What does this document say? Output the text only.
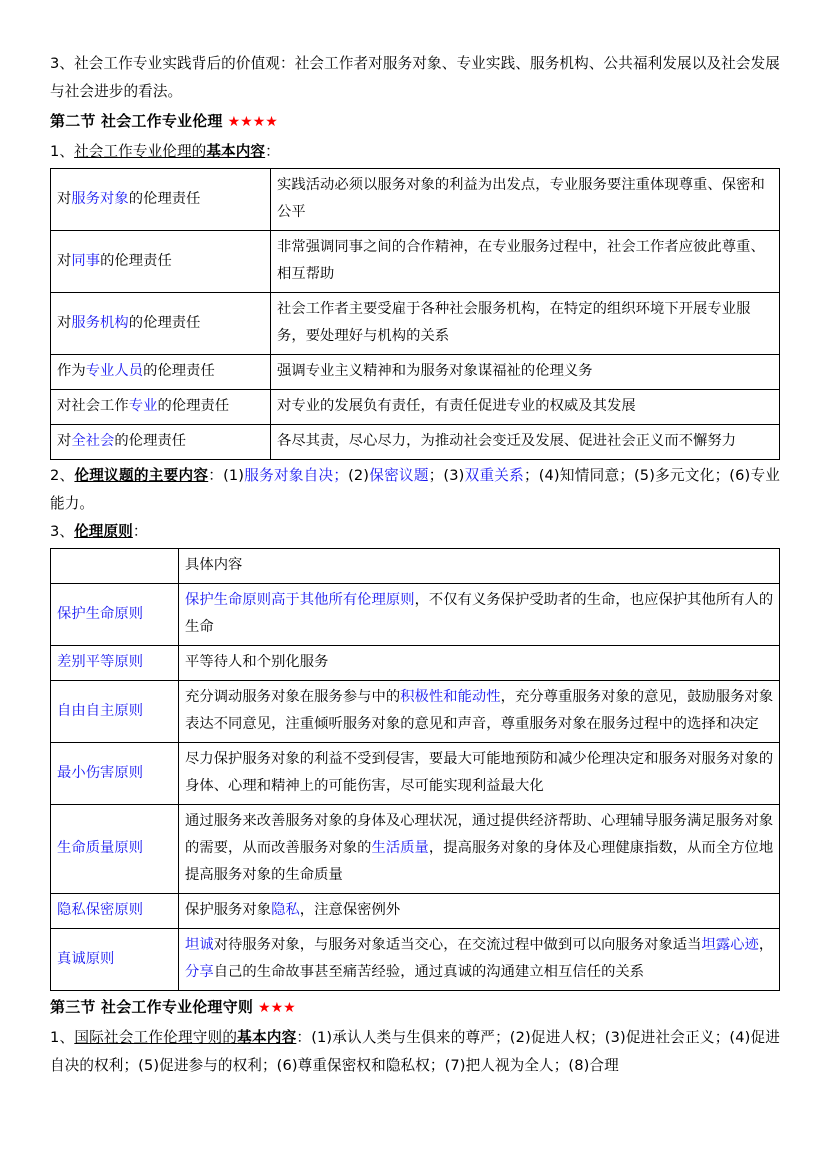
3、社会工作专业实践背后的价值观：社会工作者对服务对象、专业实践、服务机构、公共福利发展以及社会发展与社会进步的看法。

第二节 社会工作专业伦理 ★★★★

1、社会工作专业伦理的基本内容：

对服务对象的伦理责任	实践活动必须以服务对象的利益为出发点，专业服务要注重体现尊重、保密和公平
对同事的伦理责任	非常强调同事之间的合作精神，在专业服务过程中，社会工作者应彼此尊重、相互帮助
对服务机构的伦理责任	社会工作者主要受雇于各种社会服务机构，在特定的组织环境下开展专业服务，要处理好与机构的关系
作为专业人员的伦理责任	强调专业主义精神和为服务对象谋福祉的伦理义务
对社会工作专业的伦理责任	对专业的发展负有责任，有责任促进专业的权威及其发展
对全社会的伦理责任	各尽其责，尽心尽力，为推动社会变迁及发展、促进社会正义而不懈努力

2、伦理议题的主要内容：(1)服务对象自决；(2)保密议题；(3)双重关系；(4)知情同意；(5)多元文化；(6)专业能力。

3、伦理原则：

	具体内容
保护生命原则	保护生命原则高于其他所有伦理原则，不仅有义务保护受助者的生命，也应保护其他所有人的生命
差别平等原则	平等待人和个别化服务
自由自主原则	充分调动服务对象在服务参与中的积极性和能动性，充分尊重服务对象的意见，鼓励服务对象表达不同意见，注重倾听服务对象的意见和声音，尊重服务对象在服务过程中的选择和决定
最小伤害原则	尽力保护服务对象的利益不受到侵害，要最大可能地预防和减少伦理决定和服务对服务对象的身体、心理和精神上的可能伤害，尽可能实现利益最大化
生命质量原则	通过服务来改善服务对象的身体及心理状况，通过提供经济帮助、心理辅导服务满足服务对象的需要，从而改善服务对象的生活质量，提高服务对象的身体及心理健康指数，从而全方位地提高服务对象的生命质量
隐私保密原则	保护服务对象隐私，注意保密例外
真诚原则	坦诚对待服务对象，与服务对象适当交心，在交流过程中做到可以向服务对象适当坦露心迹，分享自己的生命故事甚至痛苦经验，通过真诚的沟通建立相互信任的关系
第三节 社会工作专业伦理守则 ★★★

1、国际社会工作伦理守则的基本内容：(1)承认人类与生俱来的尊严；(2)促进人权；(3)促进社会正义；(4)促进自决的权利；(5)促进参与的权利；(6)尊重保密权和隐私权；(7)把人视为全人；(8)合理
